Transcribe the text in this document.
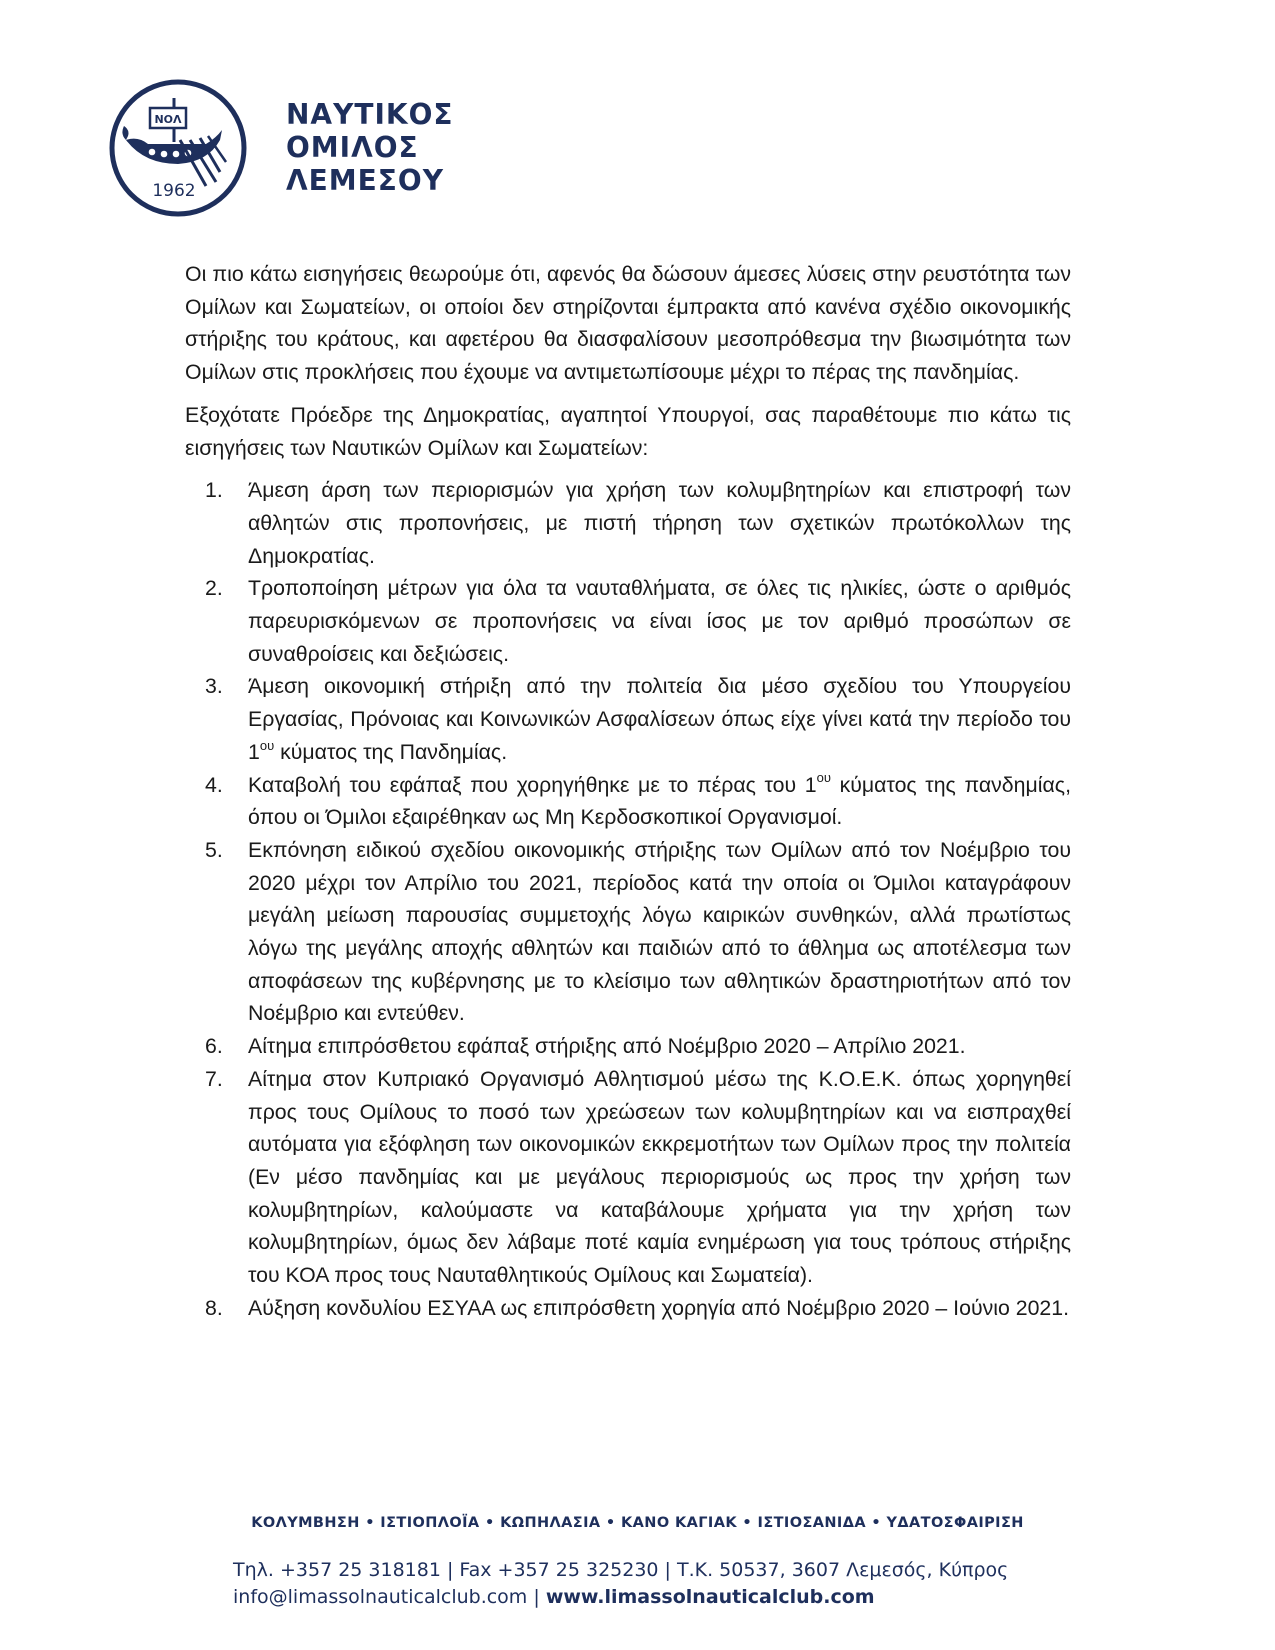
ΝΟΛ
1962
ΝΑΥΤΙΚΟΣ
ΟΜΙΛΟΣ
ΛΕΜΕΣΟΥ

Οι πιο κάτω εισηγήσεις θεωρούμε ότι, αφενός θα δώσουν άμεσες λύσεις στην ρευστότητα των Ομίλων και Σωματείων, οι οποίοι δεν στηρίζονται έμπρακτα από κανένα σχέδιο οικονομικής στήριξης του κράτους, και αφετέρου θα διασφαλίσουν μεσοπρόθεσμα την βιωσιμότητα των Ομίλων στις προκλήσεις που έχουμε να αντιμετωπίσουμε μέχρι το πέρας της πανδημίας.

Εξοχότατε Πρόεδρε της Δημοκρατίας, αγαπητοί Υπουργοί, σας παραθέτουμε πιο κάτω τις εισηγήσεις των Ναυτικών Ομίλων και Σωματείων:

1. Άμεση άρση των περιορισμών για χρήση των κολυμβητηρίων και επιστροφή των αθλητών στις προπονήσεις, με πιστή τήρηση των σχετικών πρωτόκολλων της Δημοκρατίας.
2. Τροποποίηση μέτρων για όλα τα ναυταθλήματα, σε όλες τις ηλικίες, ώστε ο αριθμός παρευρισκόμενων σε προπονήσεις να είναι ίσος με τον αριθμό προσώπων σε συναθροίσεις και δεξιώσεις.
3. Άμεση οικονομική στήριξη από την πολιτεία δια μέσο σχεδίου του Υπουργείου Εργασίας, Πρόνοιας και Κοινωνικών Ασφαλίσεων όπως είχε γίνει κατά την περίοδο του $1^{o\upsilon}$ κύματος της Πανδημίας.
4. Καταβολή του εφάπαξ που χορηγήθηκε με το πέρας του $1^{o\upsilon}$ κύματος της πανδημίας, όπου οι Όμιλοι εξαιρέθηκαν ως Μη Κερδοσκοπικοί Οργανισμοί.
5. Εκπόνηση ειδικού σχεδίου οικονομικής στήριξης των Ομίλων από τον Νοέμβριο του 2020 μέχρι τον Απρίλιο του 2021, περίοδος κατά την οποία οι Όμιλοι καταγράφουν μεγάλη μείωση παρουσίας συμμετοχής λόγω καιρικών συνθηκών, αλλά πρωτίστως λόγω της μεγάλης αποχής αθλητών και παιδιών από το άθλημα ως αποτέλεσμα των αποφάσεων της κυβέρνησης με το κλείσιμο των αθλητικών δραστηριοτήτων από τον Νοέμβριο και εντεύθεν.
6. Αίτημα επιπρόσθετου εφάπαξ στήριξης από Νοέμβριο 2020 – Απρίλιο 2021.
7. Αίτημα στον Κυπριακό Οργανισμό Αθλητισμού μέσω της Κ.Ο.Ε.Κ. όπως χορηγηθεί προς τους Ομίλους το ποσό των χρεώσεων των κολυμβητηρίων και να εισπραχθεί αυτόματα για εξόφληση των οικονομικών εκκρεμοτήτων των Ομίλων προς την πολιτεία (Εν μέσο πανδημίας και με μεγάλους περιορισμούς ως προς την χρήση των κολυμβητηρίων, καλούμαστε να καταβάλουμε χρήματα για την χρήση των κολυμβητηρίων, όμως δεν λάβαμε ποτέ καμία ενημέρωση για τους τρόπους στήριξης του ΚΟΑ προς τους Ναυταθλητικούς Ομίλους και Σωματεία).
8. Αύξηση κονδυλίου ΕΣΥΑΑ ως επιπρόσθετη χορηγία από Νοέμβριο 2020 – Ιούνιο 2021.
ΚΟΛΥΜΒΗΣΗ • ΙΣΤΙΟΠΛΟΪΑ • ΚΩΠΗΛΑΣΙΑ • ΚΑΝΟ ΚΑΓΙΑΚ • ΙΣΤΙΟΣΑΝΙΔΑ • ΥΔΑΤΟΣΦΑΙΡΙΣΗ
Τηλ. +357 25 318181 | Fax +357 25 325230 | Τ.Κ. 50537, 3607 Λεμεσός, Κύπρος
info@limassolnauticalclub.com | www.limassolnauticalclub.com
